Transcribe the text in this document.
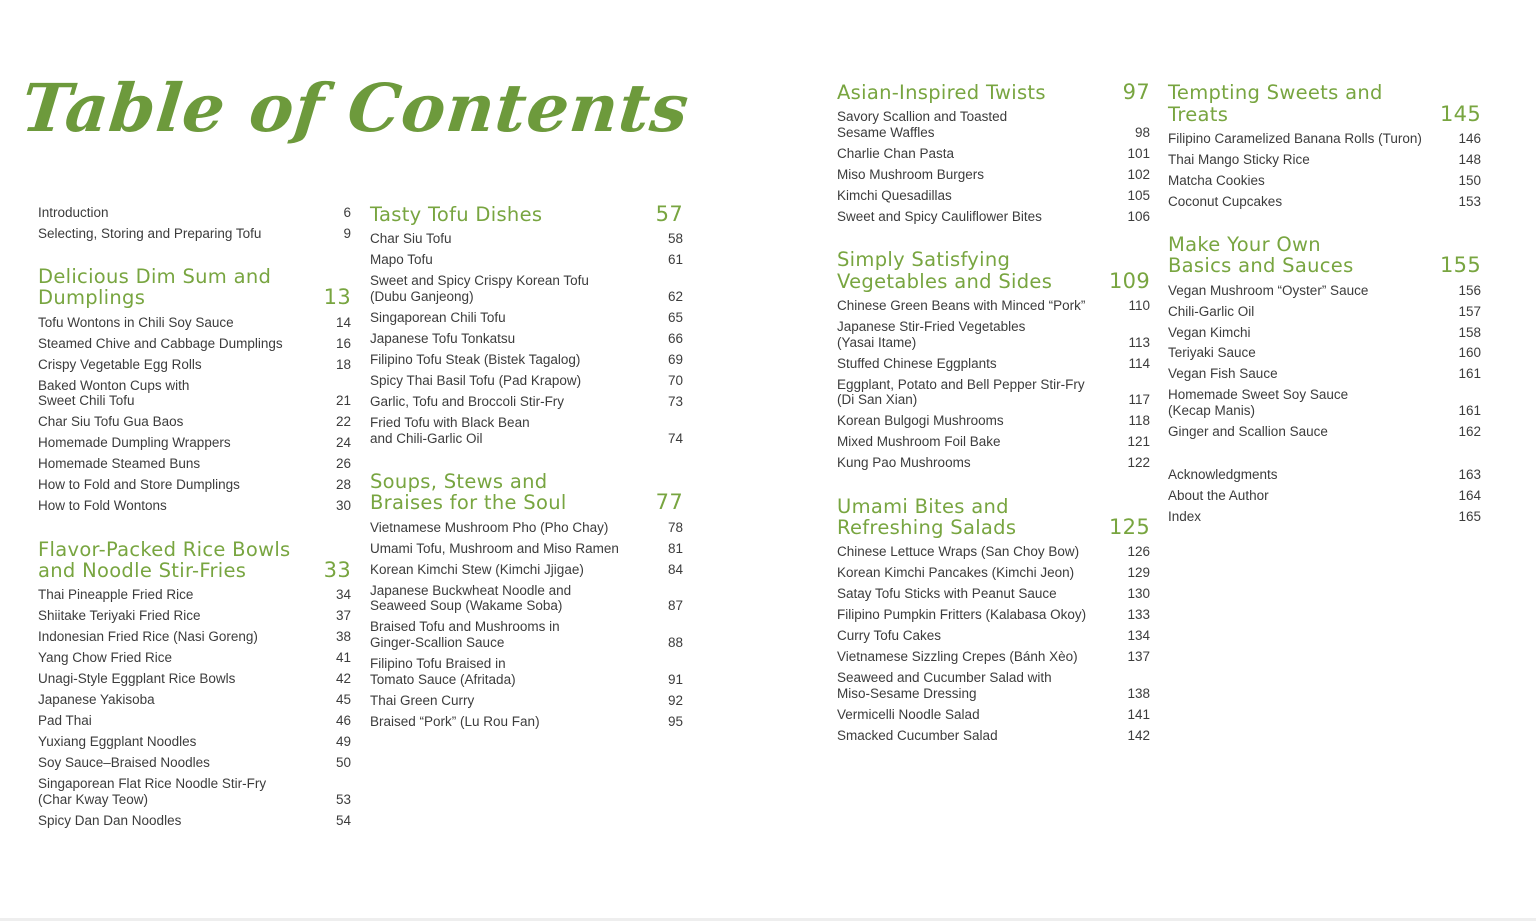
Table of Contents
Introduction	6
Selecting, Storing and Preparing Tofu	9
Delicious Dim Sum and Dumplings	13
Tofu Wontons in Chili Soy Sauce	14
Steamed Chive and Cabbage Dumplings	16
Crispy Vegetable Egg Rolls	18
Baked Wonton Cups with Sweet Chili Tofu	21
Char Siu Tofu Gua Baos	22
Homemade Dumpling Wrappers	24
Homemade Steamed Buns	26
How to Fold and Store Dumplings	28
How to Fold Wontons	30
Flavor-Packed Rice Bowls and Noodle Stir-Fries	33
Thai Pineapple Fried Rice	34
Shiitake Teriyaki Fried Rice	37
Indonesian Fried Rice (Nasi Goreng)	38
Yang Chow Fried Rice	41
Unagi-Style Eggplant Rice Bowls	42
Japanese Yakisoba	45
Pad Thai	46
Yuxiang Eggplant Noodles	49
Soy Sauce–Braised Noodles	50
Singaporean Flat Rice Noodle Stir-Fry (Char Kway Teow)	53
Spicy Dan Dan Noodles	54
Tasty Tofu Dishes	57
Char Siu Tofu	58
Mapo Tofu	61
Sweet and Spicy Crispy Korean Tofu (Dubu Ganjeong)	62
Singaporean Chili Tofu	65
Japanese Tofu Tonkatsu	66
Filipino Tofu Steak (Bistek Tagalog)	69
Spicy Thai Basil Tofu (Pad Krapow)	70
Garlic, Tofu and Broccoli Stir-Fry	73
Fried Tofu with Black Bean and Chili-Garlic Oil	74
Soups, Stews and Braises for the Soul	77
Vietnamese Mushroom Pho (Pho Chay)	78
Umami Tofu, Mushroom and Miso Ramen	81
Korean Kimchi Stew (Kimchi Jjigae)	84
Japanese Buckwheat Noodle and Seaweed Soup (Wakame Soba)	87
Braised Tofu and Mushrooms in Ginger-Scallion Sauce	88
Filipino Tofu Braised in Tomato Sauce (Afritada)	91
Thai Green Curry	92
Braised “Pork” (Lu Rou Fan)	95
Asian-Inspired Twists	97
Savory Scallion and Toasted Sesame Waffles	98
Charlie Chan Pasta	101
Miso Mushroom Burgers	102
Kimchi Quesadillas	105
Sweet and Spicy Cauliflower Bites	106
Simply Satisfying Vegetables and Sides	109
Chinese Green Beans with Minced “Pork”	110
Japanese Stir-Fried Vegetables (Yasai Itame)	113
Stuffed Chinese Eggplants	114
Eggplant, Potato and Bell Pepper Stir-Fry (Di San Xian)	117
Korean Bulgogi Mushrooms	118
Mixed Mushroom Foil Bake	121
Kung Pao Mushrooms	122
Umami Bites and Refreshing Salads	125
Chinese Lettuce Wraps (San Choy Bow)	126
Korean Kimchi Pancakes (Kimchi Jeon)	129
Satay Tofu Sticks with Peanut Sauce	130
Filipino Pumpkin Fritters (Kalabasa Okoy)	133
Curry Tofu Cakes	134
Vietnamese Sizzling Crepes (Bánh Xèo)	137
Seaweed and Cucumber Salad with Miso-Sesame Dressing	138
Vermicelli Noodle Salad	141
Smacked Cucumber Salad	142
Tempting Sweets and Treats	145
Filipino Caramelized Banana Rolls (Turon)	146
Thai Mango Sticky Rice	148
Matcha Cookies	150
Coconut Cupcakes	153
Make Your Own Basics and Sauces	155
Vegan Mushroom “Oyster” Sauce	156
Chili-Garlic Oil	157
Vegan Kimchi	158
Teriyaki Sauce	160
Vegan Fish Sauce	161
Homemade Sweet Soy Sauce (Kecap Manis)	161
Ginger and Scallion Sauce	162
Acknowledgments	163
About the Author	164
Index	165
